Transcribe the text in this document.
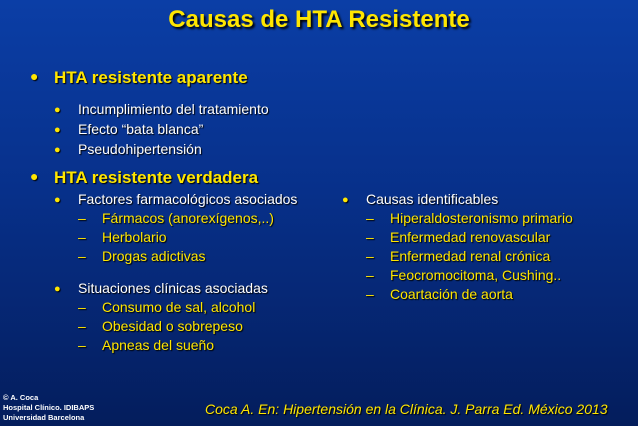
Causas de HTA Resistente
● HTA resistente aparente
● Incumplimiento del tratamiento
● Efecto “bata blanca”
● Pseudohipertensión
● HTA resistente verdadera
● Factores farmacológicos asociados
– Fármacos (anorexígenos,..)
– Herbolario
– Drogas adictivas
● Situaciones clínicas asociadas
– Consumo de sal, alcohol
– Obesidad o sobrepeso
– Apneas del sueño
● Causas identificables
– Hiperaldosteronismo primario
– Enfermedad renovascular
– Enfermedad renal crónica
– Feocromocitoma, Cushing..
– Coartación de aorta
© A. Coca
Hospital Clínico. IDIBAPS
Universidad Barcelona
Coca A. En: Hipertensión en la Clínica. J. Parra Ed. México 2013
